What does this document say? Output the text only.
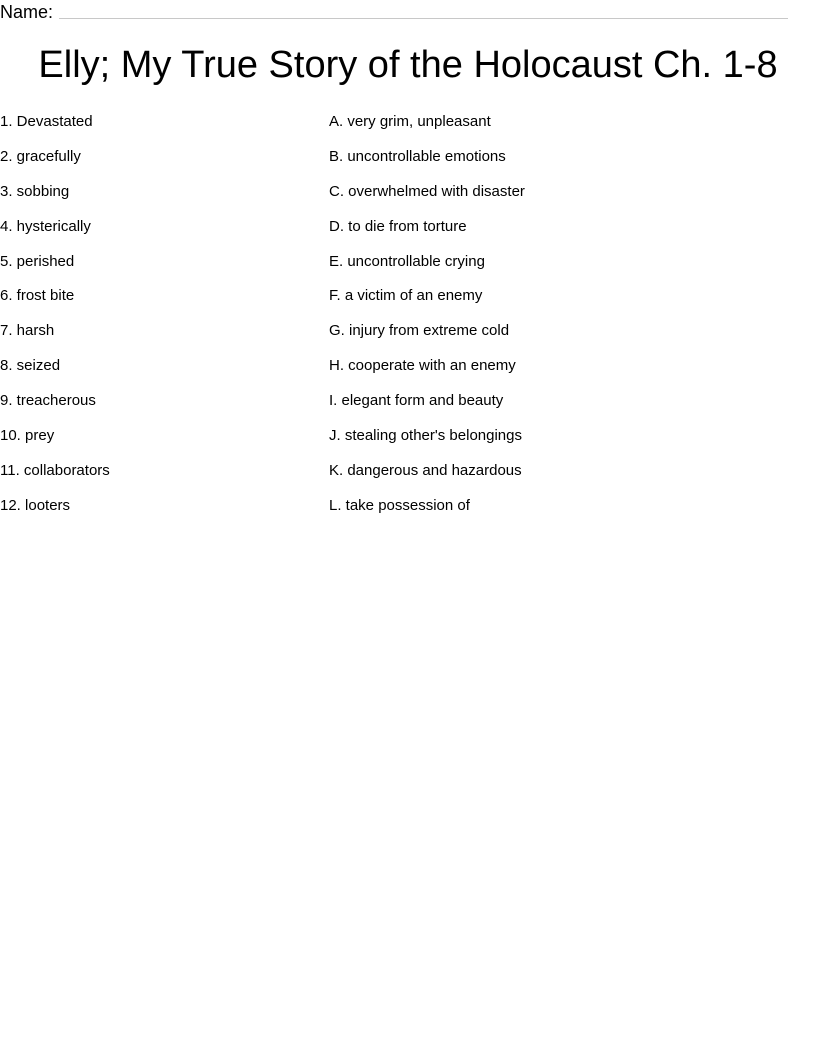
Name:
Elly; My True Story of the Holocaust Ch. 1-8
1. Devastated
2. gracefully
3. sobbing
4. hysterically
5. perished
6. frost bite
7. harsh
8. seized
9. treacherous
10. prey
11. collaborators
12. looters
A. very grim, unpleasant
B. uncontrollable emotions
C. overwhelmed with disaster
D. to die from torture
E. uncontrollable crying
F. a victim of an enemy
G. injury from extreme cold
H. cooperate with an enemy
I. elegant form and beauty
J. stealing other's belongings
K. dangerous and hazardous
L. take possession of
